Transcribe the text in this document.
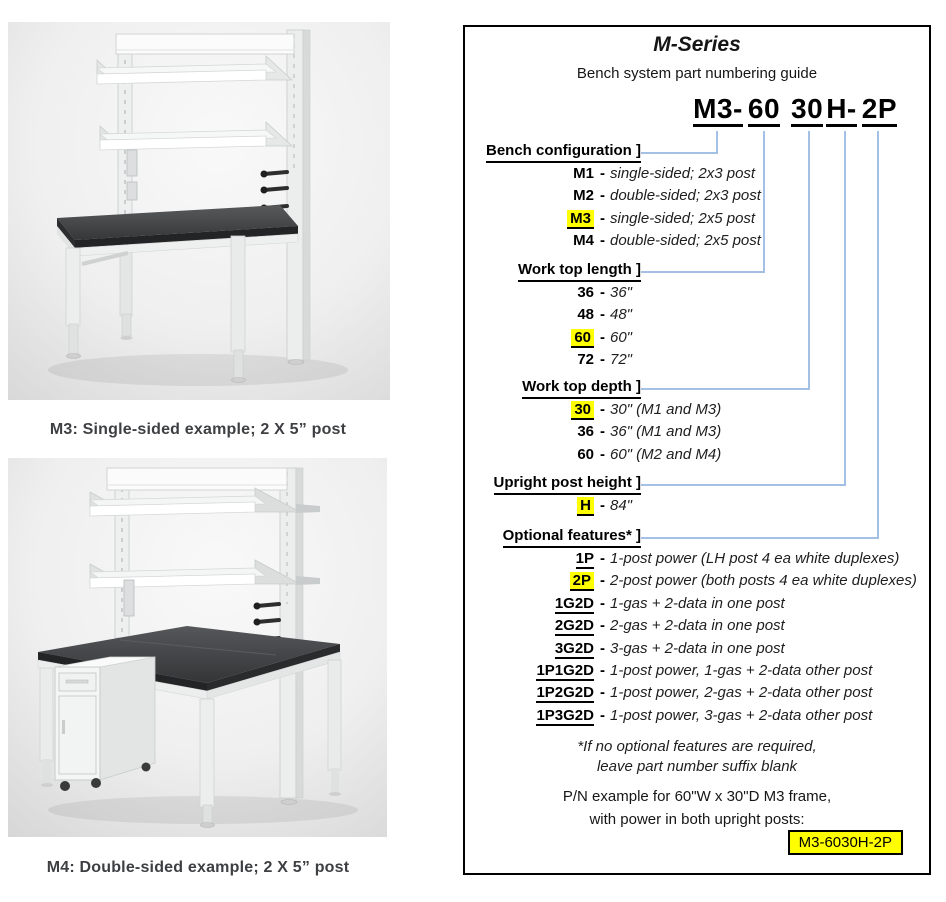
M3: Single-sided example; 2 X 5” post
M4: Double-sided example; 2 X 5” post
M-Series
Bench system part numbering guide
M3- 60 30 H- 2P
Bench configuration ]
M1 - single-sided; 2x3 post
M2 - double-sided; 2x3 post
M3 - single-sided; 2x5 post
M4 - double-sided; 2x5 post
Work top length ]
36 - 36"
48 - 48"
60 - 60"
72 - 72"
Work top depth ]
30 - 30" (M1 and M3)
36 - 36" (M1 and M3)
60 - 60" (M2 and M4)
Upright post height ]
H - 84"
Optional features* ]
1P - 1-post power (LH post 4 ea white duplexes)
2P - 2-post power (both posts 4 ea white duplexes)
1G2D - 1-gas + 2-data in one post
2G2D - 2-gas + 2-data in one post
3G2D - 3-gas + 2-data in one post
1P1G2D - 1-post power, 1-gas + 2-data other post
1P2G2D - 1-post power, 2-gas + 2-data other post
1P3G2D - 1-post power, 3-gas + 2-data other post
*If no optional features are required,
leave part number suffix blank
P/N example for 60"W x 30"D M3 frame,
with power in both upright posts:
M3-6030H-2P
